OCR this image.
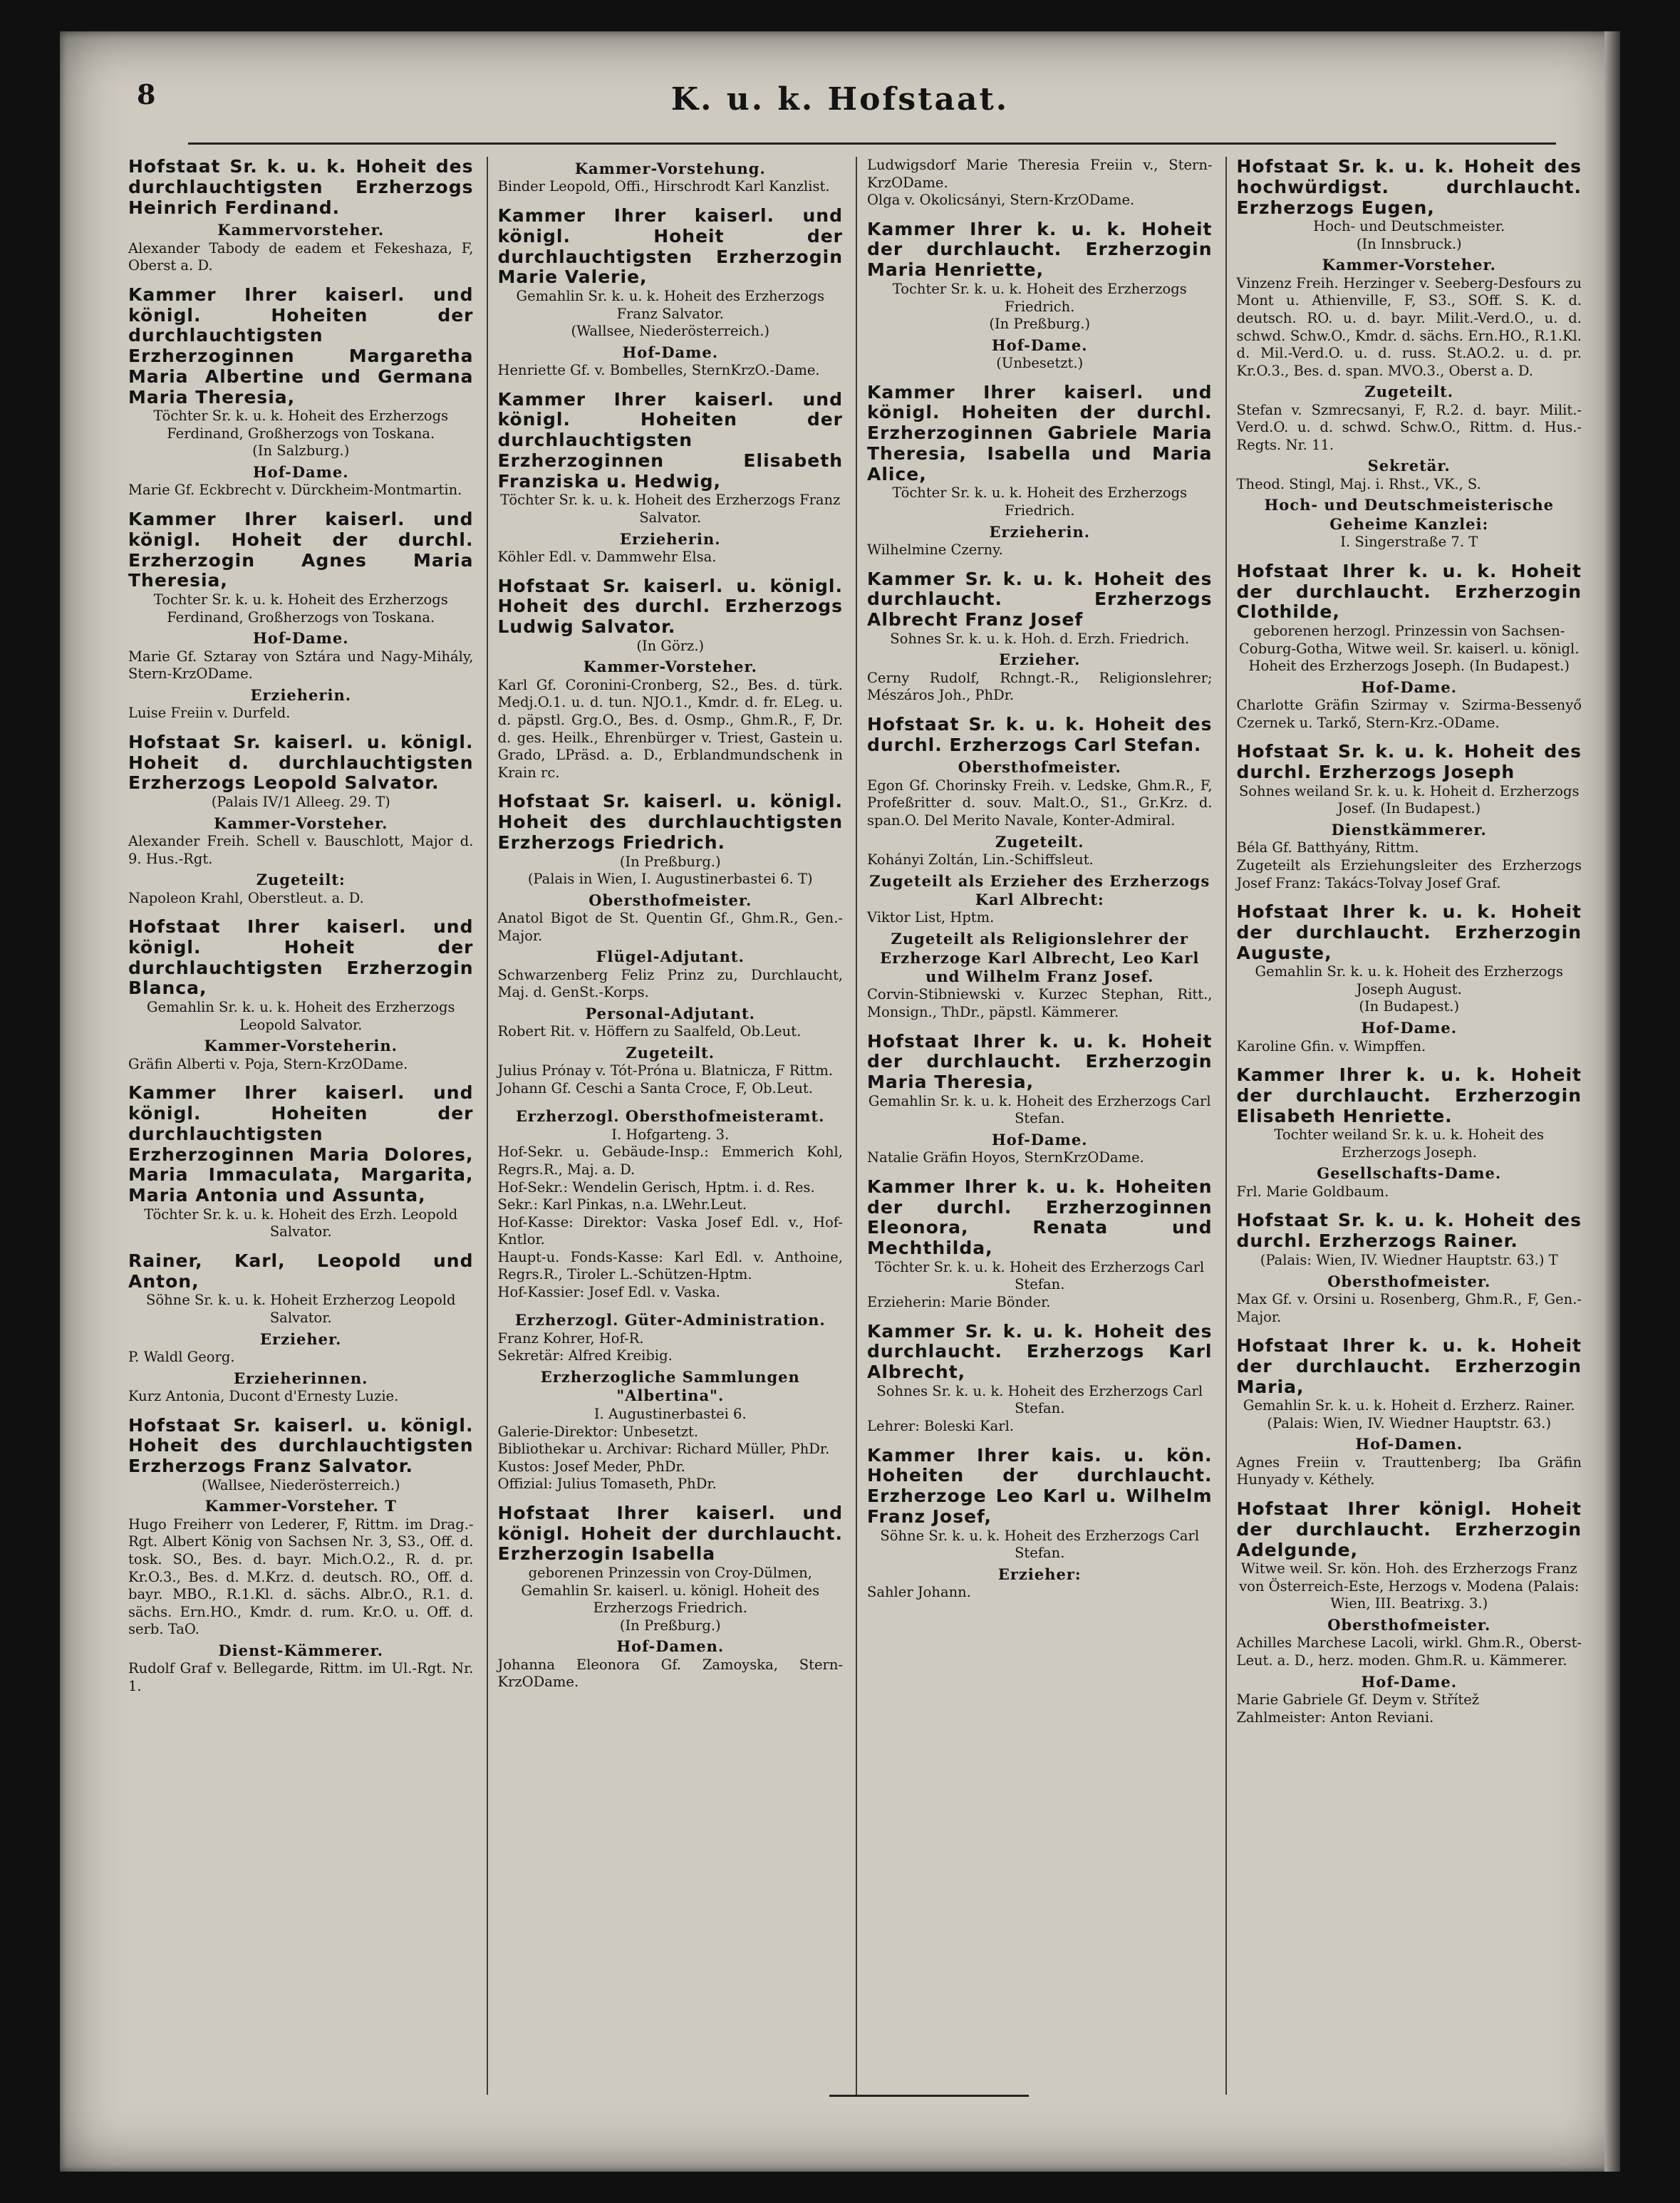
8	K. u. k. Hofstaat.
Hofstaat Sr. k. u. k. Hoheit des durchlauchtigsten Erzherzogs Heinrich Ferdinand.
Kammervorsteher.
Alexander Tabody de eadem et Fekeshaza, F, Oberst a. D.
Kammer Ihrer kaiserl. und königl. Hoheiten der durchlauchtigsten Erzherzoginnen Margaretha Maria Albertine und Germana Maria Theresia,
Töchter Sr. k. u. k. Hoheit des Erzherzogs Ferdinand, Großherzogs von Toskana.
(In Salzburg.)
Hof-Dame.
Marie Gf. Eckbrecht v. Dürckheim-Montmartin.
Kammer Ihrer kaiserl. und königl. Hoheit der durchl. Erzherzogin Agnes Maria Theresia,
Tochter Sr. k. u. k. Hoheit des Erzherzogs Ferdinand, Großherzogs von Toskana.
Hof-Dame.
Marie Gf. Sztaray von Sztára und Nagy-Mihály, Stern-KrzODame.
Erzieherin.
Luise Freiin v. Durfeld.
Hofstaat Sr. kaiserl. u. königl. Hoheit d. durchlauchtigsten Erzherzogs Leopold Salvator.
(Palais IV/1 Alleeg. 29. T)
Kammer-Vorsteher.
Alexander Freih. Schell v. Bauschlott, Major d. 9. Hus.-Rgt.
Zugeteilt:
Napoleon Krahl, Oberstleut. a. D.
Hofstaat Ihrer kaiserl. und königl. Hoheit der durchlauchtigsten Erzherzogin Blanca,
Gemahlin Sr. k. u. k. Hoheit des Erzherzogs Leopold Salvator.
Kammer-Vorsteherin.
Gräfin Alberti v. Poja, Stern-KrzODame.
Kammer Ihrer kaiserl. und königl. Hoheiten der durchlauchtigsten Erzherzoginnen Maria Dolores, Maria Immaculata, Margarita, Maria Antonia und Assunta,
Töchter Sr. k. u. k. Hoheit des Erzh. Leopold Salvator.
Rainer, Karl, Leopold und Anton,
Söhne Sr. k. u. k. Hoheit Erzherzog Leopold Salvator.
Erzieher.
P. Waldl Georg.
Erzieherinnen.
Kurz Antonia, Ducont d'Ernesty Luzie.
Hofstaat Sr. kaiserl. u. königl. Hoheit des durchlauchtigsten Erzherzogs Franz Salvator.
(Wallsee, Niederösterreich.)
Kammer-Vorsteher. T
Hugo Freiherr von Lederer, F, Rittm. im Drag.-Rgt. Albert König von Sachsen Nr. 3, S3., Off. d. tosk. SO., Bes. d. bayr. Mich.O.2., R. d. pr. Kr.O.3., Bes. d. M.Krz. d. deutsch. RO., Off. d. bayr. MBO., R.1.Kl. d. sächs. Albr.O., R.1. d. sächs. Ern.HO., Kmdr. d. rum. Kr.O. u. Off. d. serb. TaO.
Dienst-Kämmerer.
Rudolf Graf v. Bellegarde, Rittm. im Ul.-Rgt. Nr. 1.
Kammer-Vorstehung.
Binder Leopold, Offi., Hirschrodt Karl Kanzlist.
Kammer Ihrer kaiserl. und königl. Hoheit der durchlauchtigsten Erzherzogin Marie Valerie,
Gemahlin Sr. k. u. k. Hoheit des Erzherzogs Franz Salvator.
(Wallsee, Niederösterreich.)
Hof-Dame.
Henriette Gf. v. Bombelles, SternKrzO.-Dame.
Kammer Ihrer kaiserl. und königl. Hoheiten der durchlauchtigsten Erzherzoginnen Elisabeth Franziska u. Hedwig,
Töchter Sr. k. u. k. Hoheit des Erzherzogs Franz Salvator.
Erzieherin.
Köhler Edl. v. Dammwehr Elsa.
Hofstaat Sr. kaiserl. u. königl. Hoheit des durchl. Erzherzogs Ludwig Salvator.
(In Görz.)
Kammer-Vorsteher.
Karl Gf. Coronini-Cronberg, S2., Bes. d. türk. Medj.O.1. u. d. tun. NJO.1., Kmdr. d. fr. ELeg. u. d. päpstl. Grg.O., Bes. d. Osmp., Ghm.R., F, Dr. d. ges. Heilk., Ehrenbürger v. Triest, Gastein u. Grado, LPräsd. a. D., Erblandmundschenk in Krain rc.
Hofstaat Sr. kaiserl. u. königl. Hoheit des durchlauchtigsten Erzherzogs Friedrich.
(In Preßburg.)
(Palais in Wien, I. Augustinerbastei 6. T)
Obersthofmeister.
Anatol Bigot de St. Quentin Gf., Ghm.R., Gen.-Major.
Flügel-Adjutant.
Schwarzenberg Feliz Prinz zu, Durchlaucht, Maj. d. GenSt.-Korps.
Personal-Adjutant.
Robert Rit. v. Höffern zu Saalfeld, Ob.Leut.
Zugeteilt.
Julius Prónay v. Tót-Próna u. Blatnicza, F Rittm.
Johann Gf. Ceschi a Santa Croce, F, Ob.Leut.
Erzherzogl. Obersthofmeisteramt.
I. Hofgarteng. 3.
Hof-Sekr. u. Gebäude-Insp.: Emmerich Kohl, Regrs.R., Maj. a. D.
Hof-Sekr.: Wendelin Gerisch, Hptm. i. d. Res.
Sekr.: Karl Pinkas, n.a. LWehr.Leut.
Hof-Kasse: Direktor: Vaska Josef Edl. v., Hof-Kntlor.
Haupt-u. Fonds-Kasse: Karl Edl. v. Anthoine, Regrs.R., Tiroler L.-Schützen-Hptm.
Hof-Kassier: Josef Edl. v. Vaska.
Erzherzogl. Güter-Administration.
Franz Kohrer, Hof-R.
Sekretär: Alfred Kreibig.
Erzherzogliche Sammlungen "Albertina".
I. Augustinerbastei 6.
Galerie-Direktor: Unbesetzt.
Bibliothekar u. Archivar: Richard Müller, PhDr.
Kustos: Josef Meder, PhDr.
Offizial: Julius Tomaseth, PhDr.
Hofstaat Ihrer kaiserl. und königl. Hoheit der durchlaucht. Erzherzogin Isabella
geborenen Prinzessin von Croy-Dülmen, Gemahlin Sr. kaiserl. u. königl. Hoheit des Erzherzogs Friedrich.
(In Preßburg.)
Hof-Damen.
Johanna Eleonora Gf. Zamoyska, Stern-KrzODame.
Ludwigsdorf Marie Theresia Freiin v., Stern-KrzODame.
Olga v. Okolicsányi, Stern-KrzODame.
Kammer Ihrer k. u. k. Hoheit der durchlaucht. Erzherzogin Maria Henriette,
Tochter Sr. k. u. k. Hoheit des Erzherzogs Friedrich.
(In Preßburg.)
Hof-Dame.
(Unbesetzt.)
Kammer Ihrer kaiserl. und königl. Hoheiten der durchl. Erzherzoginnen Gabriele Maria Theresia, Isabella und Maria Alice,
Töchter Sr. k. u. k. Hoheit des Erzherzogs Friedrich.
Erzieherin.
Wilhelmine Czerny.
Kammer Sr. k. u. k. Hoheit des durchlaucht. Erzherzogs Albrecht Franz Josef
Sohnes Sr. k. u. k. Hoh. d. Erzh. Friedrich.
Erzieher.
Cerny Rudolf, Rchngt.-R., Religionslehrer; Mészáros Joh., PhDr.
Hofstaat Sr. k. u. k. Hoheit des durchl. Erzherzogs Carl Stefan.
Obersthofmeister.
Egon Gf. Chorinsky Freih. v. Ledske, Ghm.R., F, Profeßritter d. souv. Malt.O., S1., Gr.Krz. d. span.O. Del Merito Navale, Konter-Admiral.
Zugeteilt.
Kohányi Zoltán, Lin.-Schiffsleut.
Zugeteilt als Erzieher des Erzherzogs Karl Albrecht:
Viktor List, Hptm.
Zugeteilt als Religionslehrer der Erzherzoge Karl Albrecht, Leo Karl und Wilhelm Franz Josef.
Corvin-Stibniewski v. Kurzec Stephan, Ritt., Monsign., ThDr., päpstl. Kämmerer.
Hofstaat Ihrer k. u. k. Hoheit der durchlaucht. Erzherzogin Maria Theresia,
Gemahlin Sr. k. u. k. Hoheit des Erzherzogs Carl Stefan.
Hof-Dame.
Natalie Gräfin Hoyos, SternKrzODame.
Kammer Ihrer k. u. k. Hoheiten der durchl. Erzherzoginnen Eleonora, Renata und Mechthilda,
Töchter Sr. k. u. k. Hoheit des Erzherzogs Carl Stefan.
Erzieherin: Marie Bönder.
Kammer Sr. k. u. k. Hoheit des durchlaucht. Erzherzogs Karl Albrecht,
Sohnes Sr. k. u. k. Hoheit des Erzherzogs Carl Stefan.
Lehrer: Boleski Karl.
Kammer Ihrer kais. u. kön. Hoheiten der durchlaucht. Erzherzoge Leo Karl u. Wilhelm Franz Josef,
Söhne Sr. k. u. k. Hoheit des Erzherzogs Carl Stefan.
Erzieher:
Sahler Johann.
Hofstaat Sr. k. u. k. Hoheit des hochwürdigst. durchlaucht. Erzherzogs Eugen,
Hoch- und Deutschmeister.
(In Innsbruck.)
Kammer-Vorsteher.
Vinzenz Freih. Herzinger v. Seeberg-Desfours zu Mont u. Athienville, F, S3., SOff. S. K. d. deutsch. RO. u. d. bayr. Milit.-Verd.O., u. d. schwd. Schw.O., Kmdr. d. sächs. Ern.HO., R.1.Kl. d. Mil.-Verd.O. u. d. russ. St.AO.2. u. d. pr. Kr.O.3., Bes. d. span. MVO.3., Oberst a. D.
Zugeteilt.
Stefan v. Szmrecsanyi, F, R.2. d. bayr. Milit.-Verd.O. u. d. schwd. Schw.O., Rittm. d. Hus.-Regts. Nr. 11.
Sekretär.
Theod. Stingl, Maj. i. Rhst., VK., S.
Hoch- und Deutschmeisterische Geheime Kanzlei:
I. Singerstraße 7. T
Hofstaat Ihrer k. u. k. Hoheit der durchlaucht. Erzherzogin Clothilde,
geborenen herzogl. Prinzessin von Sachsen-Coburg-Gotha, Witwe weil. Sr. kaiserl. u. königl. Hoheit des Erzherzogs Joseph. (In Budapest.)
Hof-Dame.
Charlotte Gräfin Szirmay v. Szirma-Bessenyő Czernek u. Tarkő, Stern-Krz.-ODame.
Hofstaat Sr. k. u. k. Hoheit des durchl. Erzherzogs Joseph
Sohnes weiland Sr. k. u. k. Hoheit d. Erzherzogs Josef. (In Budapest.)
Dienstkämmerer.
Béla Gf. Batthyány, Rittm.
Zugeteilt als Erziehungsleiter des Erzherzogs Josef Franz: Takács-Tolvay Josef Graf.
Hofstaat Ihrer k. u. k. Hoheit der durchlaucht. Erzherzogin Auguste,
Gemahlin Sr. k. u. k. Hoheit des Erzherzogs Joseph August.
(In Budapest.)
Hof-Dame.
Karoline Gfin. v. Wimpffen.
Kammer Ihrer k. u. k. Hoheit der durchlaucht. Erzherzogin Elisabeth Henriette.
Tochter weiland Sr. k. u. k. Hoheit des Erzherzogs Joseph.
Gesellschafts-Dame.
Frl. Marie Goldbaum.
Hofstaat Sr. k. u. k. Hoheit des durchl. Erzherzogs Rainer.
(Palais: Wien, IV. Wiedner Hauptstr. 63.) T
Obersthofmeister.
Max Gf. v. Orsini u. Rosenberg, Ghm.R., F, Gen.-Major.
Hofstaat Ihrer k. u. k. Hoheit der durchlaucht. Erzherzogin Maria,
Gemahlin Sr. k. u. k. Hoheit d. Erzherz. Rainer. (Palais: Wien, IV. Wiedner Hauptstr. 63.)
Hof-Damen.
Agnes Freiin v. Trauttenberg; Iba Gräfin Hunyady v. Kéthely.
Hofstaat Ihrer königl. Hoheit der durchlaucht. Erzherzogin Adelgunde,
Witwe weil. Sr. kön. Hoh. des Erzherzogs Franz von Österreich-Este, Herzogs v. Modena (Palais: Wien, III. Beatrixg. 3.)
Obersthofmeister.
Achilles Marchese Lacoli, wirkl. Ghm.R., Oberst-Leut. a. D., herz. moden. Ghm.R. u. Kämmerer.
Hof-Dame.
Marie Gabriele Gf. Deym v. Střítež
Zahlmeister: Anton Reviani.
